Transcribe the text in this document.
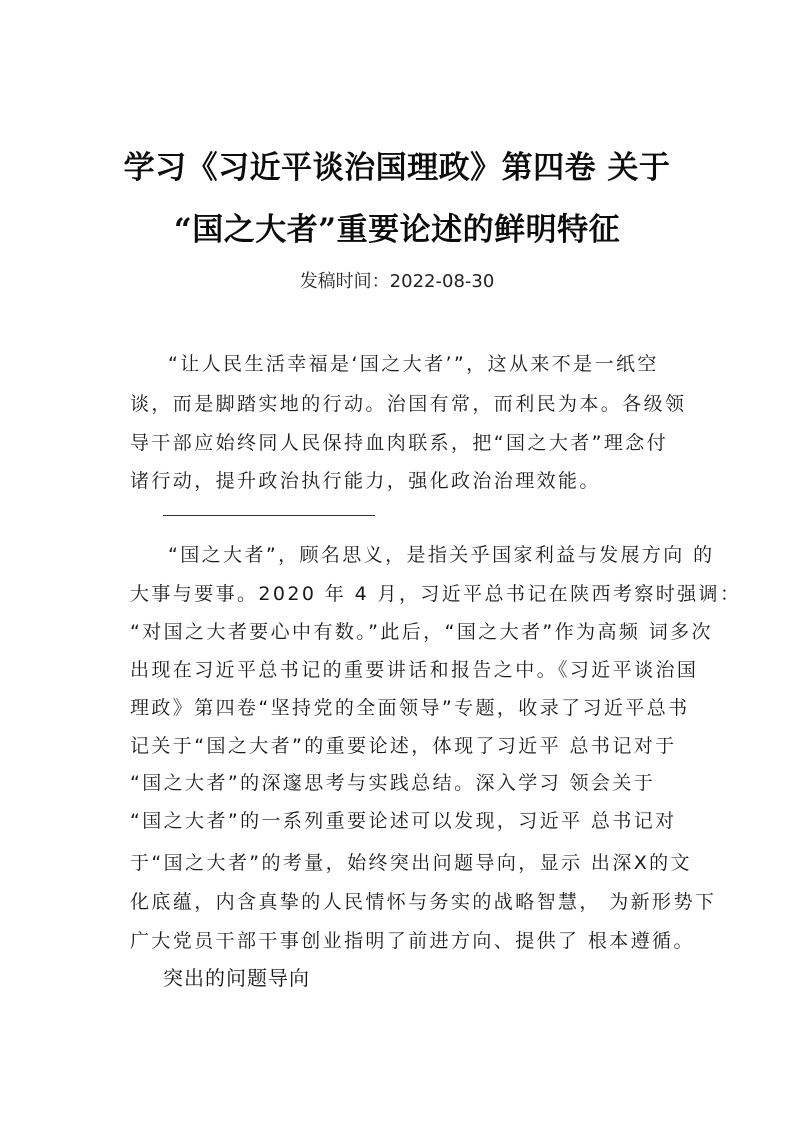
学习《习近平谈治国理政》第四卷 关于
“国之大者”重要论述的鲜明特征
发稿时间：2022-08-30
“让人民生活幸福是‘国之大者’”，这从来不是一纸空
谈，而是脚踏实地的行动。治国有常，而利民为本。各级领
导干部应始终同人民保持血肉联系，把“国之大者”理念付
诸行动，提升政治执行能力，强化政治治理效能。
“国之大者”，顾名思义，是指关乎国家利益与发展方向 的
大事与要事。2020 年 4 月，习近平总书记在陕西考察时强调：
“对国之大者要心中有数。”此后，“国之大者”作为高频 词多次
出现在习近平总书记的重要讲话和报告之中。《习近平谈治国
理政》第四卷“坚持党的全面领导”专题，收录了习近平总书
记关于“国之大者”的重要论述，体现了习近平 总书记对于
“国之大者”的深邃思考与实践总结。深入学习 领会关于
“国之大者”的一系列重要论述可以发现，习近平 总书记对
于“国之大者”的考量，始终突出问题导向，显示 出深X的文
化底蕴，内含真挚的人民情怀与务实的战略智慧， 为新形势下
广大党员干部干事创业指明了前进方向、提供了 根本遵循。
突出的问题导向
